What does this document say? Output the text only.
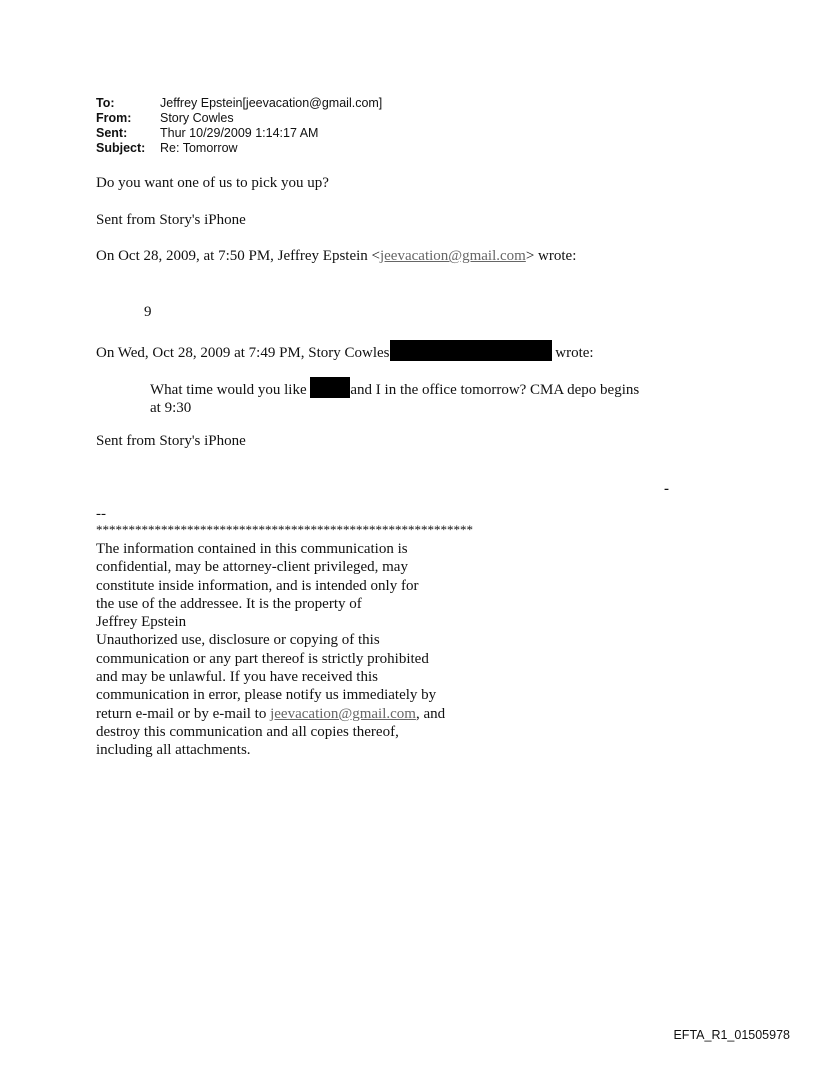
To:	Jeffrey Epstein[jeevacation@gmail.com]
From:	Story Cowles
Sent:	Thur 10/29/2009 1:14:17 AM
Subject:	Re: Tomorrow
Do you want one of us to pick you up?
Sent from Story's iPhone
On Oct 28, 2009, at 7:50 PM, Jeffrey Epstein <jeevacation@gmail.com> wrote:
9
On Wed, Oct 28, 2009 at 7:49 PM, Story Cowles	wrote:
What time would you like	and I in the office tomorrow? CMA depo begins
at 9:30
Sent from Story's iPhone
-
--
**********************************************************

The information contained in this communication is

confidential, may be attorney-client privileged, may

constitute inside information, and is intended only for

the use of the addressee. It is the property of

Jeffrey Epstein

Unauthorized use, disclosure or copying of this

communication or any part thereof is strictly prohibited

and may be unlawful. If you have received this

communication in error, please notify us immediately by

return e-mail or by e-mail to jeevacation@gmail.com, and

destroy this communication and all copies thereof,

including all attachments.

EFTA_R1_01505978
